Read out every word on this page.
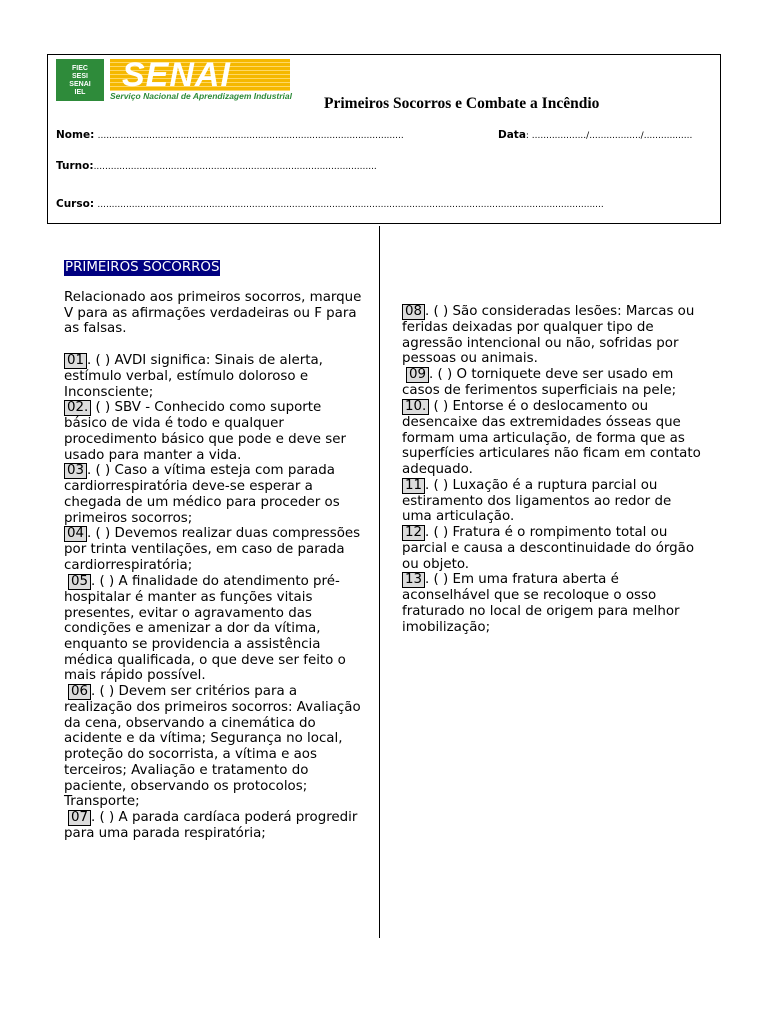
FIEC
SESI
SENAI
IEL	SENAI
Serviço Nacional de Aprendizagem Industrial Primeiros Socorros e Combate a Incêndio
Nome: ...........................................................................................................	Data: .................../................../.................
Turno:...................................................................................................
Curso: .................................................................................................................................................................................
PRIMEIROS SOCORROS
Relacionado aos primeiros socorros, marque V para as afirmações verdadeiras ou F para as falsas.
01 . ( ) AVDI significa: Sinais de alerta, estímulo verbal, estímulo doloroso e Inconsciente;
02. ( ) SBV - Conhecido como suporte básico de vida é todo e qualquer procedimento básico que pode e deve ser usado para manter a vida.
03 . ( ) Caso a vítima esteja com parada cardiorrespiratória deve-se esperar a chegada de um médico para proceder os primeiros socorros;
04 . ( ) Devemos realizar duas compressões por trinta ventilações, em caso de parada cardiorrespiratória;
05 . ( ) A finalidade do atendimento pré-hospitalar é manter as funções vitais presentes, evitar o agravamento das condições e amenizar a dor da vítima, enquanto se providencia a assistência médica qualificada, o que deve ser feito o mais rápido possível.
06 . ( ) Devem ser critérios para a realização dos primeiros socorros: Avaliação da cena, observando a cinemática do acidente e da vítima; Segurança no local, proteção do socorrista, a vítima e aos terceiros; Avaliação e tratamento do paciente, observando os protocolos; Transporte;
07 . ( ) A parada cardíaca poderá progredir para uma parada respiratória;
08 . ( ) São consideradas lesões: Marcas ou feridas deixadas por qualquer tipo de agressão intencional ou não, sofridas por pessoas ou animais.
09 . ( ) O torniquete deve ser usado em casos de ferimentos superficiais na pele;
10. ( ) Entorse é o deslocamento ou desencaixe das extremidades ósseas que formam uma articulação, de forma que as superfícies articulares não ficam em contato adequado.
11 . ( ) Luxação é a ruptura parcial ou estiramento dos ligamentos ao redor de uma articulação.
12 . ( ) Fratura é o rompimento total ou parcial e causa a descontinuidade do órgão ou objeto.
13 . ( ) Em uma fratura aberta é aconselhável que se recoloque o osso fraturado no local de origem para melhor imobilização;
